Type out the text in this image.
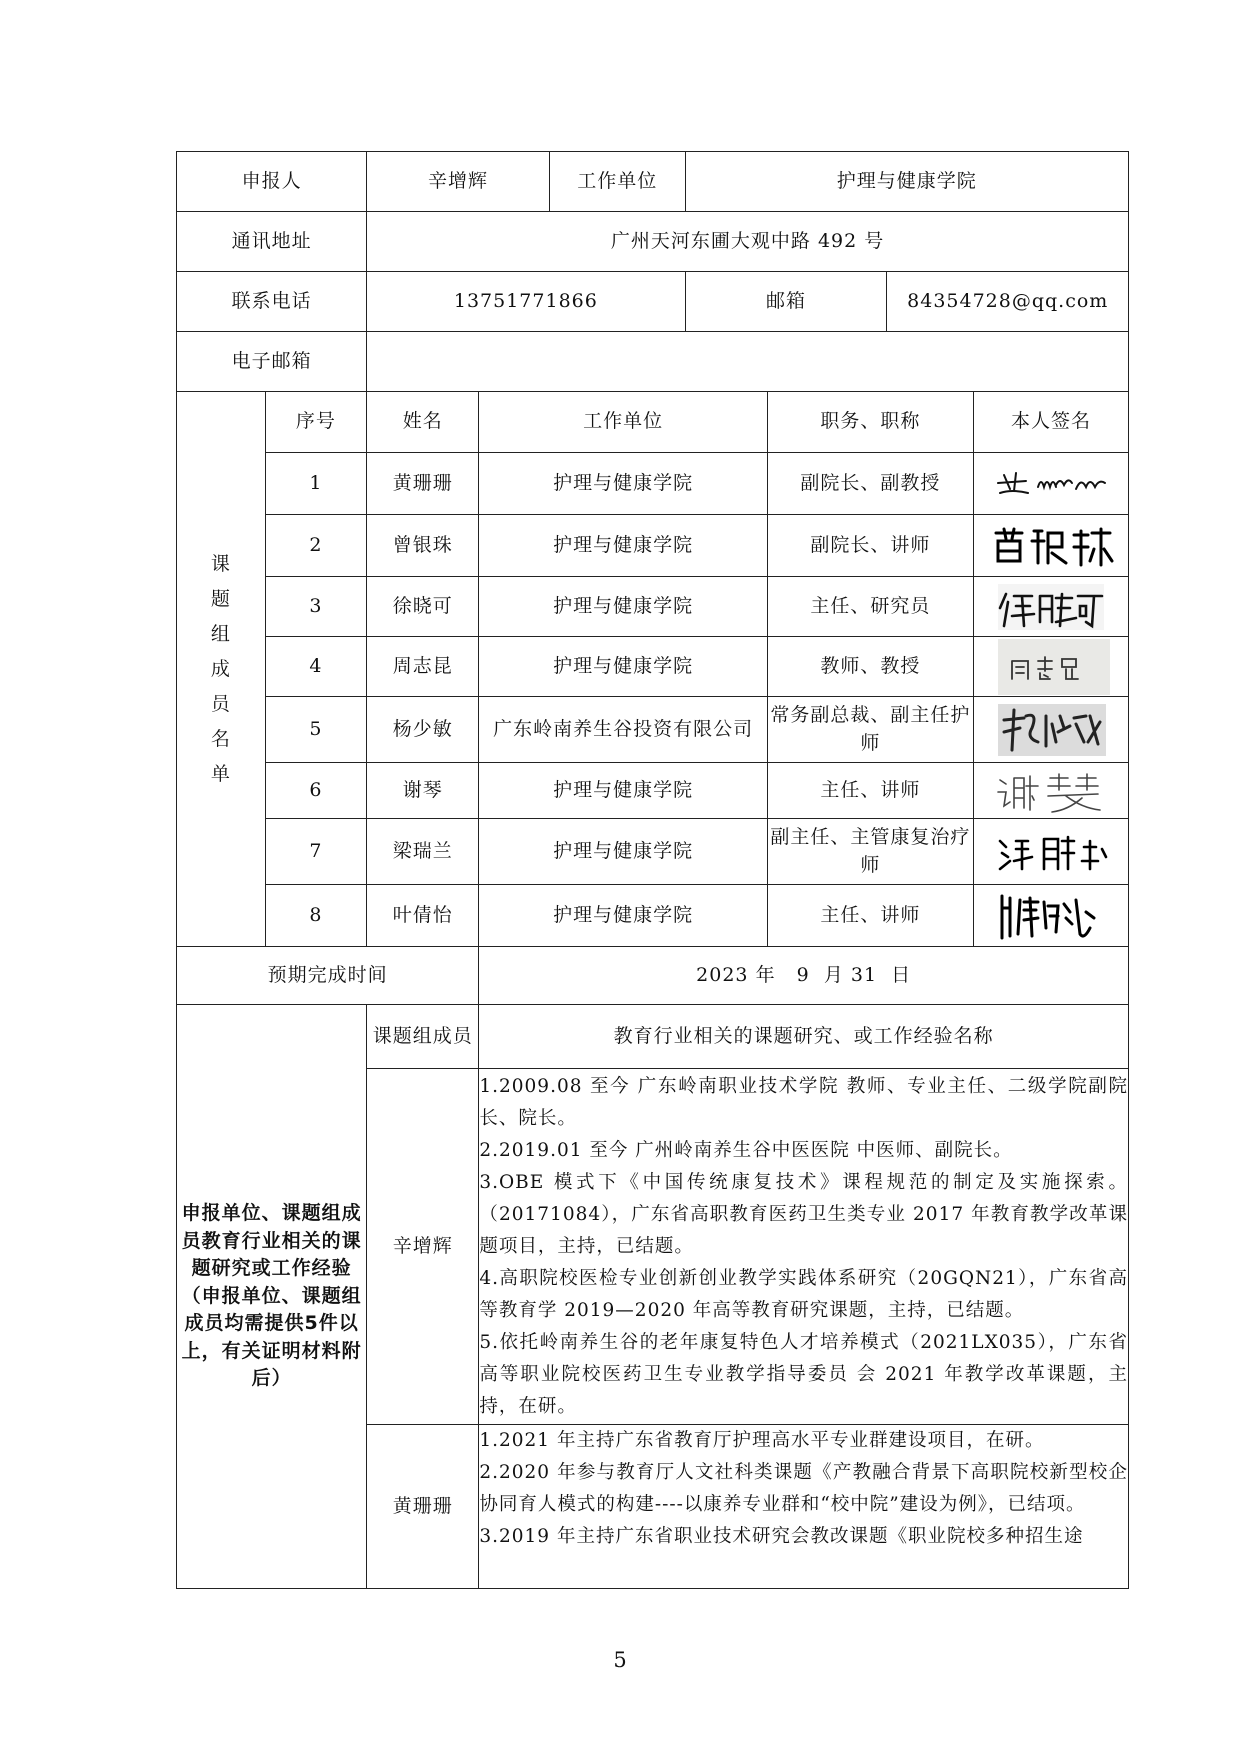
申报人		辛增辉		工作单位	护理与健康学院			
通讯地址		广州天河东圃大观中路 492 号						
联系电话		13751771866			邮箱		84354728@qq.com	
电子邮箱								
课题组成员名单	序号	姓名	工作单位			职务、职称		本人签名
	1	黄珊珊	护理与健康学院			副院长、副教授	

	2	曾银珠	护理与健康学院			副院长、讲师	

	3	徐晓可	护理与健康学院			主任、研究员	

	4	周志昆	护理与健康学院			教师、教授	

	5	杨少敏	广东岭南养生谷投资有限公司			常务副总裁、副主任护师	

	6	谢琴	护理与健康学院			主任、讲师	

	7	梁瑞兰	护理与健康学院			副主任、主管康复治疗师	

	8	叶倩怡	护理与健康学院			主任、讲师	

预期完成时间			2023 年   9  月 31  日					
申报单位、课题组成员教育行业相关的课题研究或工作经验（申报单位、课题组成员均需提供5件以上，有关证明材料附后）		课题组成员	教育行业相关的课题研究、或工作经验名称					
		辛增辉	1.2009.08 至今 广东岭南职业技术学院 教师、专业主任、二级学院副院长、院长。

2.2019.01 至今 广州岭南养生谷中医医院 中医师、副院长。

3.OBE 模式下《中国传统康复技术》课程规范的制定及实施探索。（20171084），广东省高职教育医药卫生类专业 2017 年教育教学改革课题项目，主持，已结题。

4.高职院校医检专业创新创业教学实践体系研究（20GQN21），广东省高等教育学 2019—2020 年高等教育研究课题，主持，已结题。

5.依托岭南养生谷的老年康复特色人才培养模式（2021LX035），广东省高等职业院校医药卫生专业教学指导委员 会 2021 年教学改革课题，主持，在研。					

		黄珊珊	1.2021 年主持广东省教育厅护理高水平专业群建设项目，在研。

2.2020 年参与教育厅人文社科类课题《产教融合背景下高职院校新型校企协同育人模式的构建----以康养专业群和“校中院”建设为例》，已结项。

3.2019 年主持广东省职业技术研究会教改课题《职业院校多种招生途					

5
